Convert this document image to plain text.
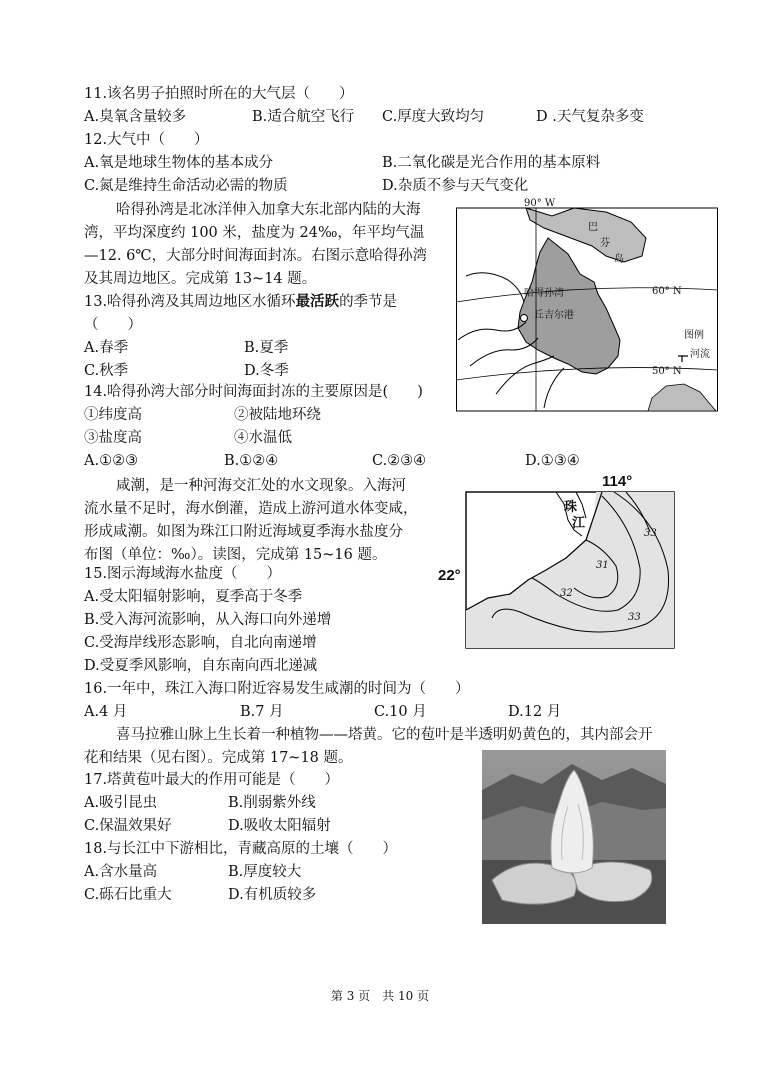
11.该名男子拍照时所在的大气层（　　）
A.臭氧含量较多	B.适合航空飞行 C.厚度大致均匀	D .天气复杂多变
12.大气中（　　）
A.氧是地球生物体的基本成分	B.二氧化碳是光合作用的基本原料
C.氮是维持生命活动必需的物质	D.杂质不参与天气变化
哈得孙湾是北冰洋伸入加拿大东北部内陆的大海
湾，平均深度约 100 米，盐度为 24‰，年平均气温
—12. 6℃，大部分时间海面封冻。右图示意哈得孙湾
及其周边地区。完成第 13~14 题。
13.哈得孙湾及其周边地区水循环最活跃的季节是
（　　）
A.春季	B.夏季
C.秋季	D.冬季
14.哈得孙湾大部分时间海面封冻的主要原因是(　　)
①纬度高	②被陆地环绕
③盐度高	④水温低
A.①②③	B.①②④	C.②③④	D.①③④
90° W
巴
芬
岛
哈得孙湾
丘吉尔港
60° N
50° N
图例
河流
咸潮，是一种河海交汇处的水文现象。入海河
流水量不足时，海水倒灌，造成上游河道水体变咸，
形成咸潮。如图为珠江口附近海域夏季海水盐度分
布图（单位：‰）。读图，完成第 15~16 题。
114°
22°
珠
江
31
32
33
33
15.图示海域海水盐度（　　）
A.受太阳辐射影响，夏季高于冬季
B.受入海河流影响，从入海口向外递增
C.受海岸线形态影响，自北向南递增
D.受夏季风影响，自东南向西北递减
16.一年中，珠江入海口附近容易发生咸潮的时间为（　　）
A.4 月	B.7 月	C.10 月	D.12 月
喜马拉雅山脉上生长着一种植物——塔黄。它的苞叶是半透明奶黄色的，其内部会开
花和结果（见右图）。完成第 17~18 题。
17.塔黄苞叶最大的作用可能是（　　）
A.吸引昆虫	B.削弱紫外线
C.保温效果好	D.吸收太阳辐射
18.与长江中下游相比，青藏高原的土壤（　　）
A.含水量高	B.厚度较大
C.砾石比重大	D.有机质较多
第 3 页　共 10 页
